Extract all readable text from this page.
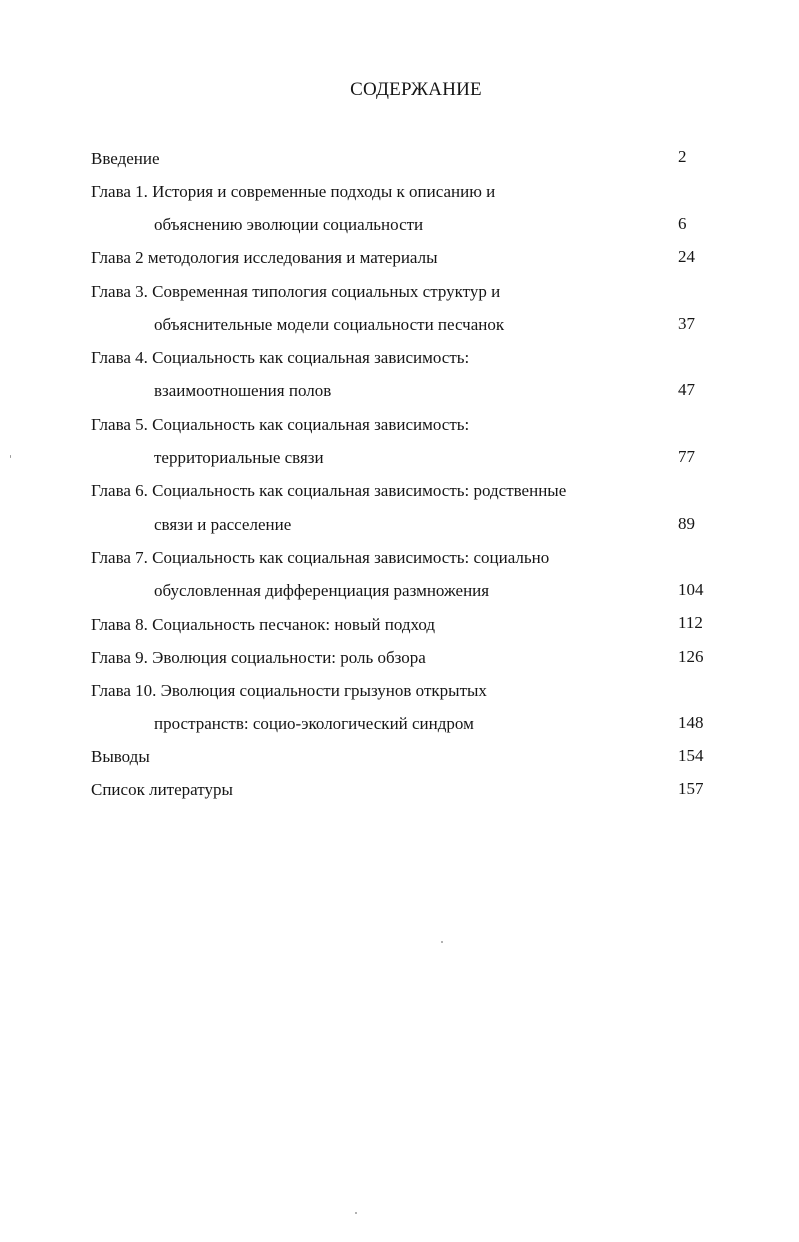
СОДЕРЖАНИЕ
Введение	2
Глава 1. История и современные подходы к описанию и
объяснению эволюции социальности	6
Глава 2 методология исследования и материалы	24
Глава 3. Современная типология социальных структур и
объяснительные модели социальности песчанок	37
Глава 4. Социальность как социальная зависимость:
взаимоотношения полов	47
Глава 5. Социальность как социальная зависимость:
территориальные связи	77
Глава 6. Социальность как социальная зависимость: родственные
связи и расселение	89
Глава 7. Социальность как социальная зависимость: социально
обусловленная дифференциация размножения	104
Глава 8. Социальность песчанок: новый подход	112
Глава 9. Эволюция социальности: роль обзора	126
Глава 10. Эволюция социальности грызунов открытых
пространств: социо-экологический синдром	148
Выводы	154
Список литературы	157
